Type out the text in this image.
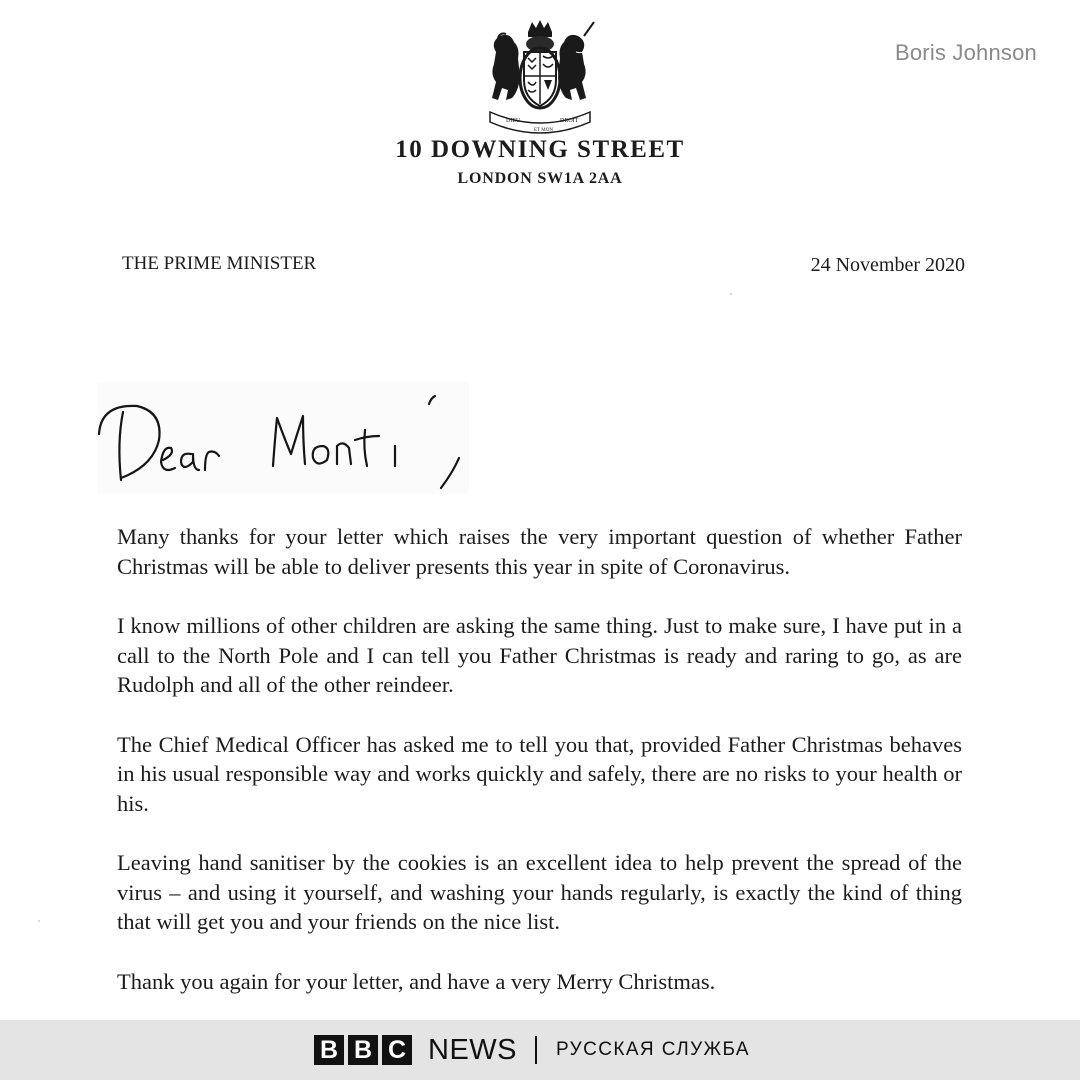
Boris Johnson
DIEU
ET MON
DROIT
10 DOWNING STREET
LONDON SW1A 2AA
THE PRIME MINISTER	24 November 2020

Many thanks for your letter which raises the very important question of whether Father Christmas will be able to deliver presents this year in spite of Coronavirus.

I know millions of other children are asking the same thing. Just to make sure, I have put in a call to the North Pole and I can tell you Father Christmas is ready and raring to go, as are Rudolph and all of the other reindeer.

The Chief Medical Officer has asked me to tell you that, provided Father Christmas behaves in his usual responsible way and works quickly and safely, there are no risks to your health or his.

Leaving hand sanitiser by the cookies is an excellent idea to help prevent the spread of the virus – and using it yourself, and washing your hands regularly, is exactly the kind of thing that will get you and your friends on the nice list.

Thank you again for your letter, and have a very Merry Christmas.

B B C NEWS РУССКАЯ СЛУЖБА
